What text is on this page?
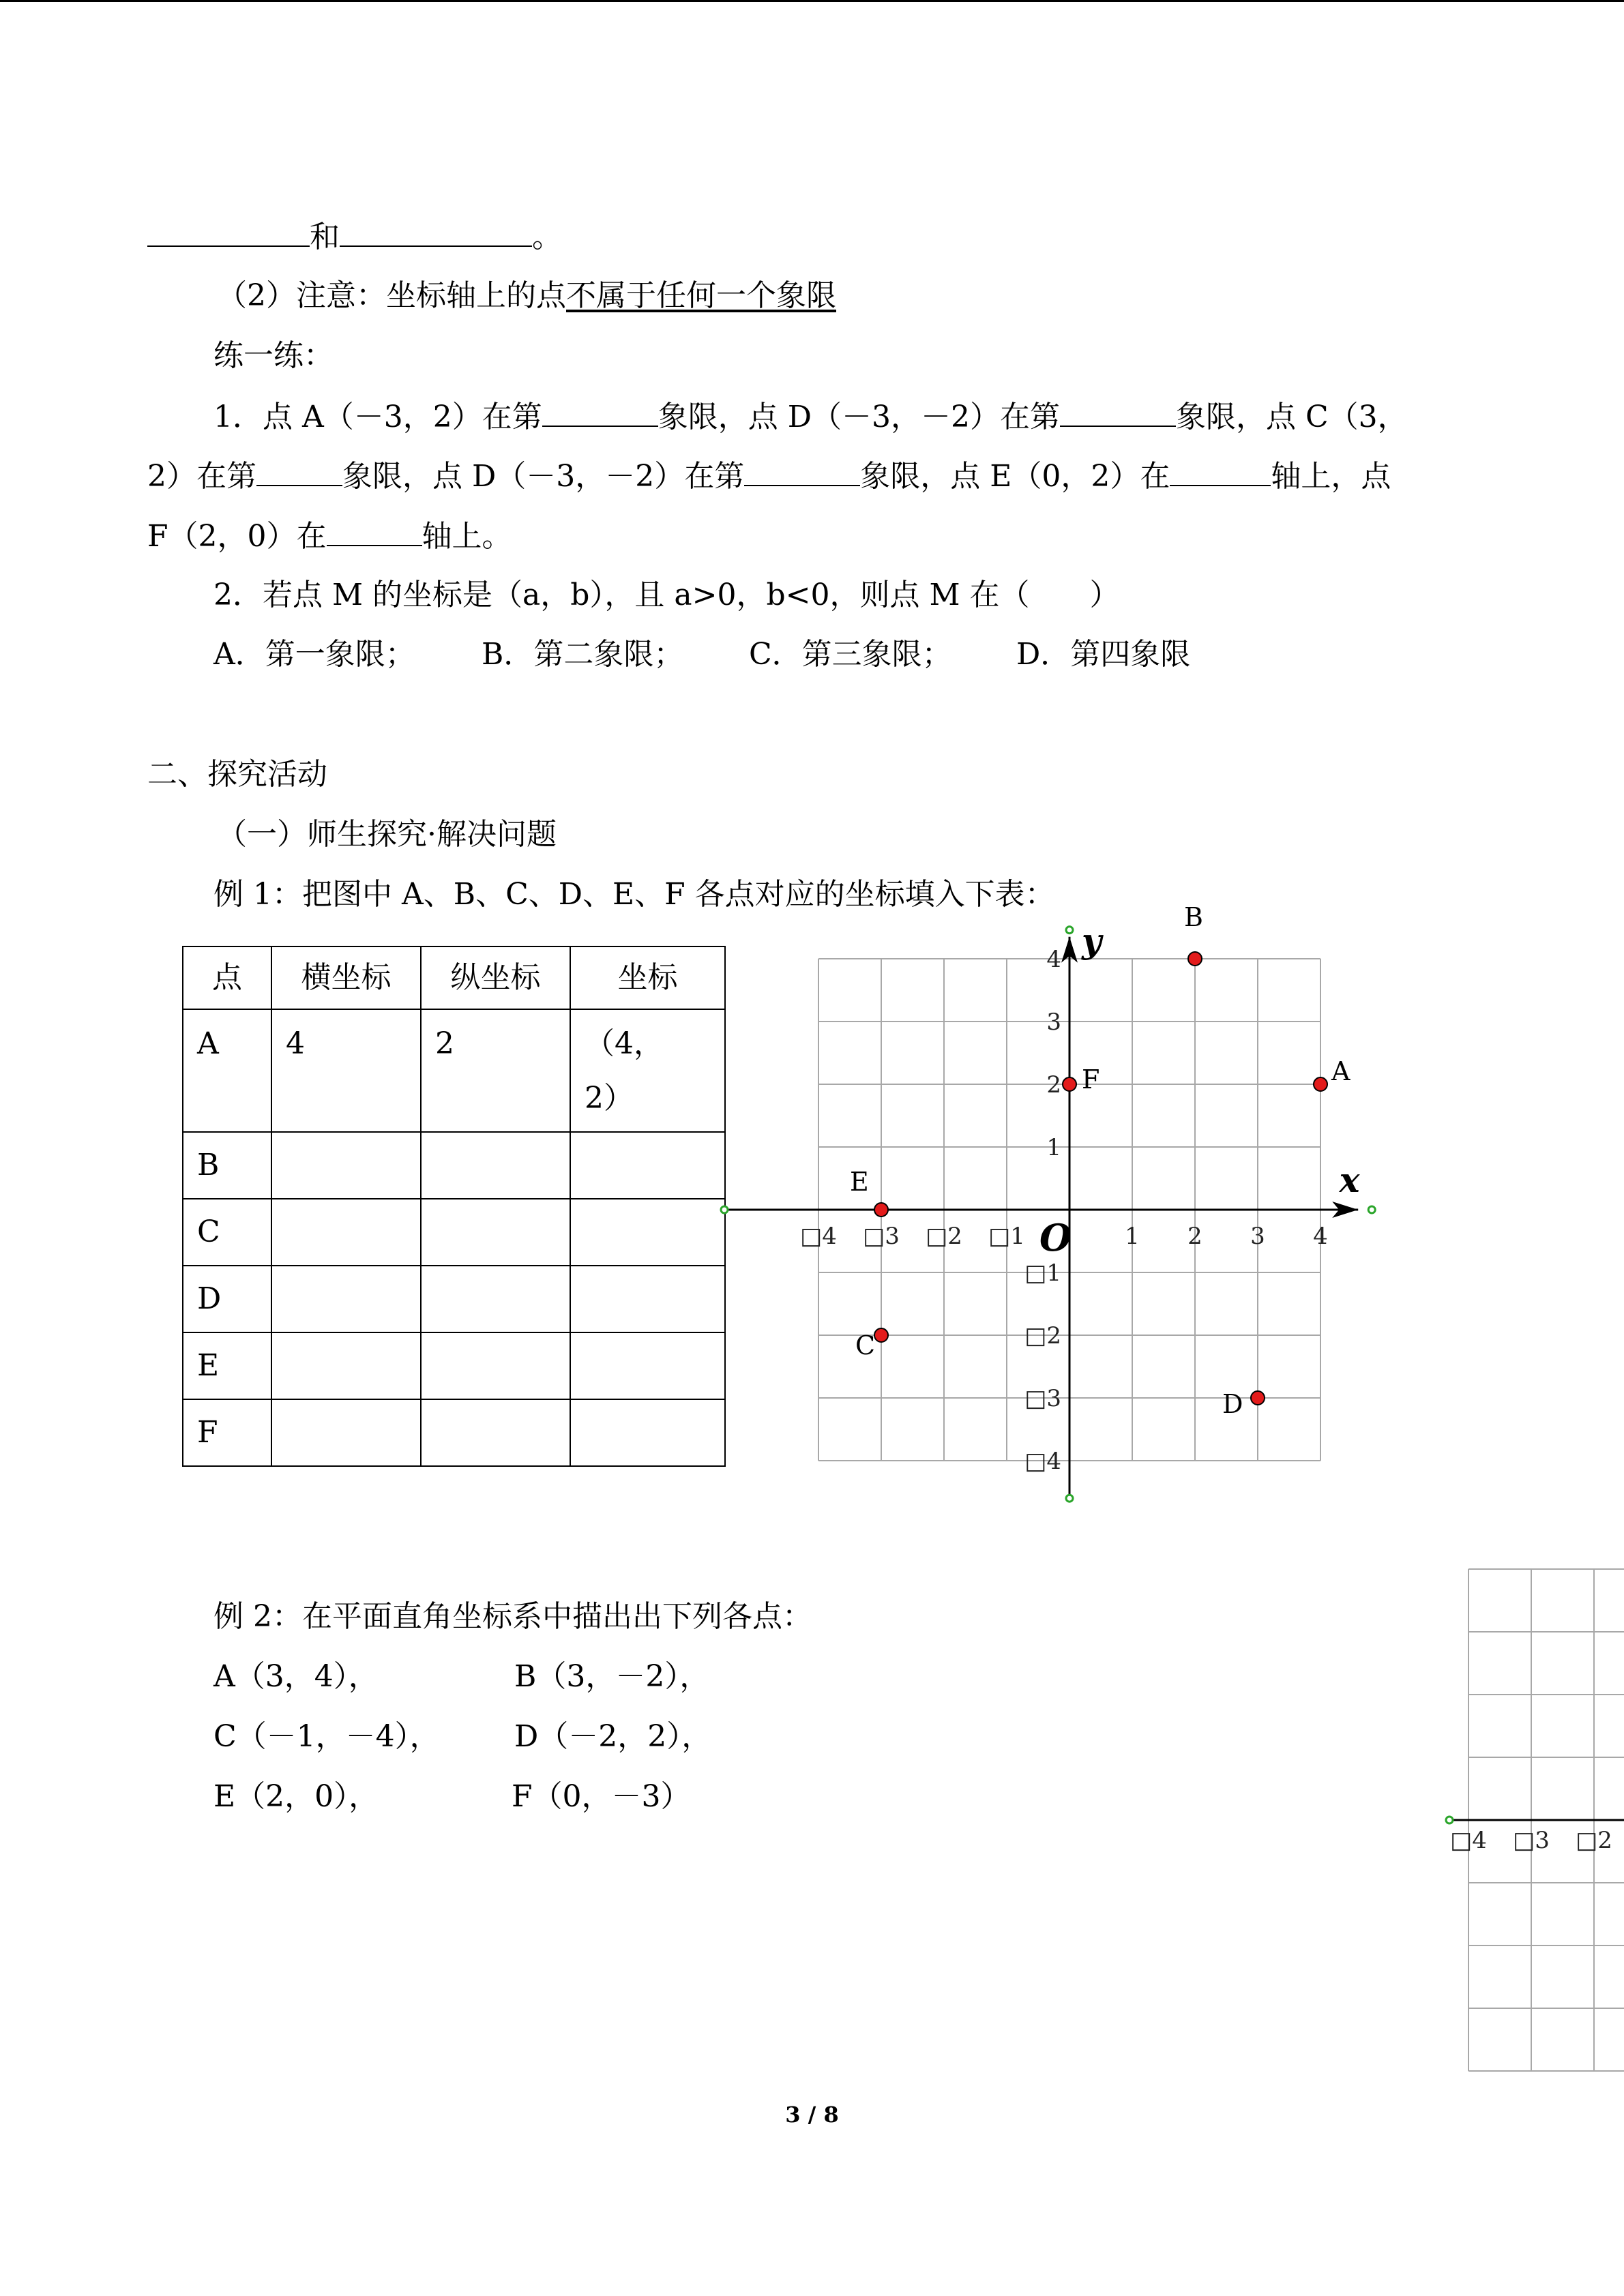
和	。
（2）注意：坐标轴上的点不属于任何一个象限
练一练：
1．点 A（－3，2）在第	象限，点 D（－3，－2）在第	象限，点 C（3，
2）在第	象限，点 D（－3，－2）在第	象限，点 E（0，2）在	轴上，点
F（2，0）在	轴上。
2．若点 M 的坐标是（a，b），且 a>0，b<0，则点 M 在（　　）
A．第一象限； B．第二象限； C．第三象限； D．第四象限
二、探究活动
（一）师生探究·解决问题
例 1：把图中 A、B、C、D、E、F 各点对应的坐标填入下表：
点	横坐标	纵坐标	坐标
A	4	2	（4，
2）
B			
C			
D			
E			
F			
x
y
O
□4 □3 □2 □1	1 2 3 4
4
3
2
1
□1
□2
□3
□4
A
B
C
D
E
F
□4 □3 □2
例 2：在平面直角坐标系中描出出下列各点：
A（3，4），	B（3，－2），
C（－1，－4）， D（－2，2），
E（2，0），	F（0，－3）
3 / 8
